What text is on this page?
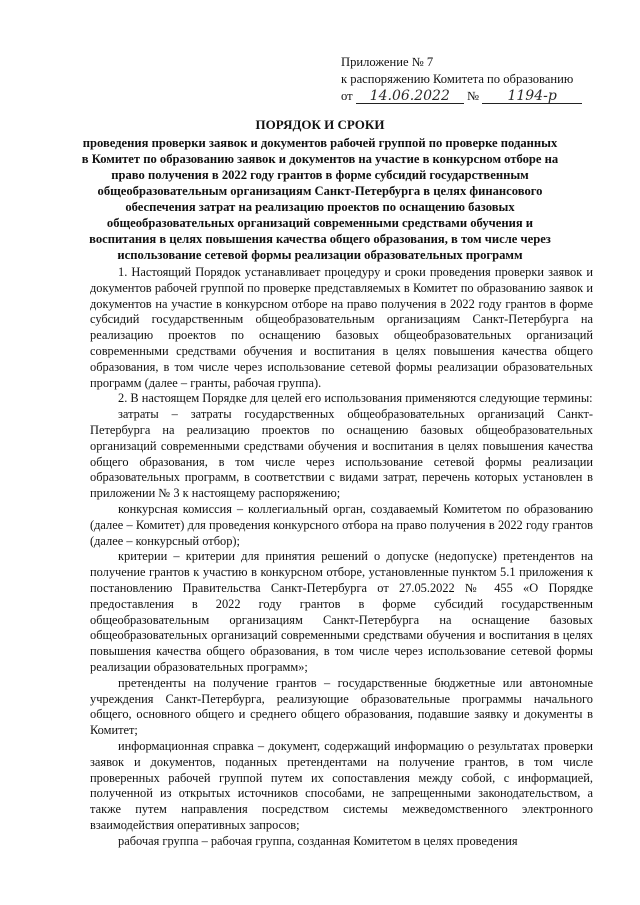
Приложение № 7
к распоряжению Комитета по образованию
от 14.06.2022 № 1194-р
ПОРЯДОК И СРОКИ
проведения проверки заявок и документов рабочей группой по проверке поданных в Комитет по образованию заявок и документов на участие в конкурсном отборе на право получения в 2022 году грантов в форме субсидий государственным общеобразовательным организациям Санкт-Петербурга в целях финансового обеспечения затрат на реализацию проектов по оснащению базовых общеобразовательных организаций современными средствами обучения и воспитания в целях повышения качества общего образования, в том числе через использование сетевой формы реализации образовательных программ

1. Настоящий Порядок устанавливает процедуру и сроки проведения проверки заявок и документов рабочей группой по проверке представляемых в Комитет по образованию заявок и документов на участие в конкурсном отборе на право получения в 2022 году грантов в форме субсидий государственным общеобразовательным организациям Санкт-Петербурга на реализацию проектов по оснащению базовых общеобразовательных организаций современными средствами обучения и воспитания в целях повышения качества общего образования, в том числе через использование сетевой формы реализации образовательных программ (далее – гранты, рабочая группа).

2. В настоящем Порядке для целей его использования применяются следующие термины:

затраты – затраты государственных общеобразовательных организаций Санкт-Петербурга на реализацию проектов по оснащению базовых общеобразовательных организаций современными средствами обучения и воспитания в целях повышения качества общего образования, в том числе через использование сетевой формы реализации образовательных программ, в соответствии с видами затрат, перечень которых установлен в приложении № 3 к настоящему распоряжению;

конкурсная комиссия – коллегиальный орган, создаваемый Комитетом по образованию (далее – Комитет) для проведения конкурсного отбора на право получения в 2022 году грантов (далее – конкурсный отбор);

критерии – критерии для принятия решений о допуске (недопуске) претендентов на получение грантов к участию в конкурсном отборе, установленные пунктом 5.1 приложения к постановлению Правительства Санкт-Петербурга от 27.05.2022 № 455 «О Порядке предоставления в 2022 году грантов в форме субсидий государственным общеобразовательным организациям Санкт-Петербурга на оснащение базовых общеобразовательных организаций современными средствами обучения и воспитания в целях повышения качества общего образования, в том числе через использование сетевой формы реализации образовательных программ»;

претенденты на получение грантов – государственные бюджетные или автономные учреждения Санкт-Петербурга, реализующие образовательные программы начального общего, основного общего и среднего общего образования, подавшие заявку и документы в Комитет;

информационная справка – документ, содержащий информацию о результатах проверки заявок и документов, поданных претендентами на получение грантов, в том числе проверенных рабочей группой путем их сопоставления между собой, с информацией, полученной из открытых источников способами, не запрещенными законодательством, а также путем направления посредством системы межведомственного электронного взаимодействия оперативных запросов;

рабочая группа – рабочая группа, созданная Комитетом в целях проведения
